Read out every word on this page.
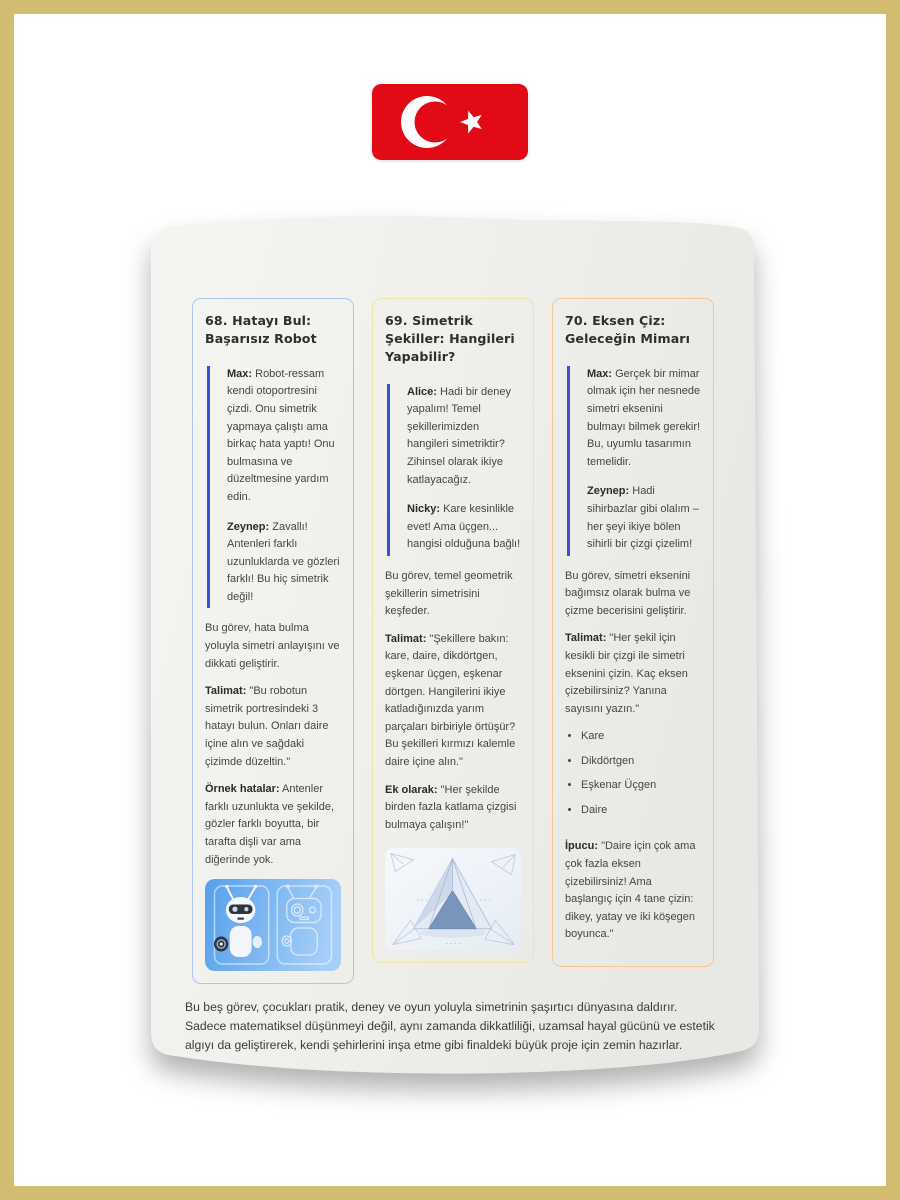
68. Hatayı Bul: Başarısız Robot

Max: Robot-ressam kendi otoportresini çizdi. Onu simetrik yapmaya çalıştı ama birkaç hata yaptı! Onu bulmasına ve düzeltmesine yardım edin.

Zeynep: Zavallı! Antenleri farklı uzunluklarda ve gözleri farklı! Bu hiç simetrik değil!

Bu görev, hata bulma yoluyla simetri anlayışını ve dikkati geliştirir.

Talimat: "Bu robotun simetrik portresindeki 3 hatayı bulun. Onları daire içine alın ve sağdaki çizimde düzeltin."

Örnek hatalar: Antenler farklı uzunlukta ve şekilde, gözler farklı boyutta, bir tarafta dişli var ama diğerinde yok.

69. Simetrik Şekiller: Hangileri Yapabilir?

Alice: Hadi bir deney yapalım! Temel şekillerimizden hangileri simetriktir? Zihinsel olarak ikiye katlayacağız.

Nicky: Kare kesinlikle evet! Ama üçgen... hangisi olduğuna bağlı!

Bu görev, temel geometrik şekillerin simetrisini keşfeder.

Talimat: "Şekillere bakın: kare, daire, dikdörtgen, eşkenar üçgen, eşkenar dörtgen. Hangilerini ikiye katladığınızda yarım parçaları birbiriyle örtüşür? Bu şekilleri kırmızı kalemle daire içine alın."

Ek olarak: "Her şekilde birden fazla katlama çizgisi bulmaya çalışın!"

70. Eksen Çiz: Geleceğin Mimarı

Max: Gerçek bir mimar olmak için her nesnede simetri eksenini bulmayı bilmek gerekir! Bu, uyumlu tasarımın temelidir.

Zeynep: Hadi sihirbazlar gibi olalım – her şeyi ikiye bölen sihirli bir çizgi çizelim!

Bu görev, simetri eksenini bağımsız olarak bulma ve çizme becerisini geliştirir.

Talimat: "Her şekil için kesikli bir çizgi ile simetri eksenini çizin. Kaç eksen çizebilirsiniz? Yanına sayısını yazın."

• Kare
• Dikdörtgen
• Eşkenar Üçgen
• Daire

İpucu: "Daire için çok ama çok fazla eksen çizebilirsiniz! Ama başlangıç için 4 tane çizin: dikey, yatay ve iki köşegen boyunca."

Bu beş görev, çocukları pratik, deney ve oyun yoluyla simetrinin şaşırtıcı dünyasına daldırır. Sadece matematiksel düşünmeyi değil, aynı zamanda dikkatliliği, uzamsal hayal gücünü ve estetik algıyı da geliştirerek, kendi şehirlerini inşa etme gibi finaldeki büyük proje için zemin hazırlar.
